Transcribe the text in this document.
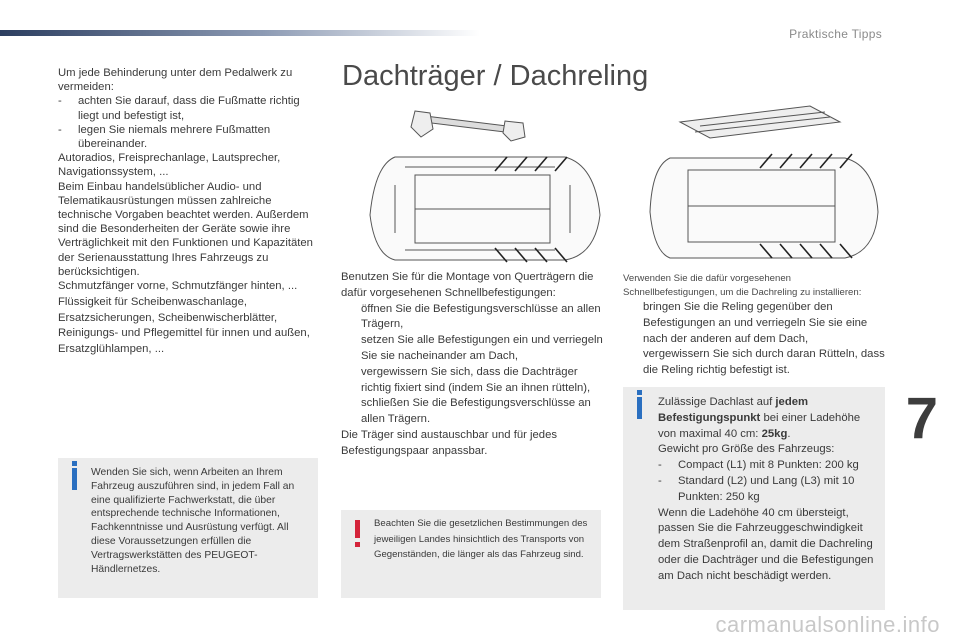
Praktische Tipps
7
carmanualsonline.info

Um jede Behinderung unter dem Pedalwerk zu vermeiden:

-	achten Sie darauf, dass die Fußmatte richtig liegt und befestigt ist,
-	legen Sie niemals mehrere Fußmatten übereinander.

Autoradios, Freisprechanlage, Lautsprecher, Navigationssystem, ...
Beim Einbau handelsüblicher Audio- und Telematikausrüstungen müssen zahlreiche technische Vorgaben beachtet werden. Außerdem sind die Besonderheiten der Geräte sowie ihre Verträglichkeit mit den Funktionen und Kapazitäten der Serienausstattung Ihres Fahrzeugs zu berücksichtigen.

Schmutzfänger vorne, Schmutzfänger hinten, ... Flüssigkeit für Scheibenwaschanlage, Ersatzsicherungen, Scheibenwischerblätter, Reinigungs- und Pflegemittel für innen und außen, Ersatzglühlampen, ...

Wenden Sie sich, wenn Arbeiten an Ihrem Fahrzeug auszuführen sind, in jedem Fall an eine qualifizierte Fachwerkstatt, die über entsprechende technische Informationen, Fachkenntnisse und Ausrüstung verfügt. All diese Voraussetzungen erfüllen die Vertragswerkstätten des PEUGEOT-Händlernetzes.
Dachträger / Dachreling

Benutzen Sie für die Montage von Querträgern die dafür vorgesehenen Schnellbefestigungen:

öffnen Sie die Befestigungsverschlüsse an allen Trägern,
setzen Sie alle Befestigungen ein und verriegeln Sie sie nacheinander am Dach,
vergewissern Sie sich, dass die Dachträger richtig fixiert sind (indem Sie an ihnen rütteln),
schließen Sie die Befestigungsverschlüsse an allen Trägern.

Die Träger sind austauschbar und für jedes Befestigungspaar anpassbar.

Beachten Sie die gesetzlichen Bestimmungen des jeweiligen Landes hinsichtlich des Transports von Gegenständen, die länger als das Fahrzeug sind.
Verwenden Sie die dafür vorgesehenen Schnellbefestigungen, um die Dachreling zu installieren:
bringen Sie die Reling gegenüber den Befestigungen an und verriegeln Sie sie eine nach der anderen auf dem Dach,
vergewissern Sie sich durch daran Rütteln, dass die Reling richtig befestigt ist.
Zulässige Dachlast auf jedem Befestigungspunkt bei einer Ladehöhe von maximal 40 cm: 25kg.
Gewicht pro Größe des Fahrzeugs:
-	Compact (L1) mit 8 Punkten: 200 kg
-	Standard (L2) und Lang (L3) mit 10 Punkten: 250 kg
Wenn die Ladehöhe 40 cm übersteigt, passen Sie die Fahrzeuggeschwindigkeit dem Straßenprofil an, damit die Dachreling oder die Dachträger und die Befestigungen am Dach nicht beschädigt werden.
